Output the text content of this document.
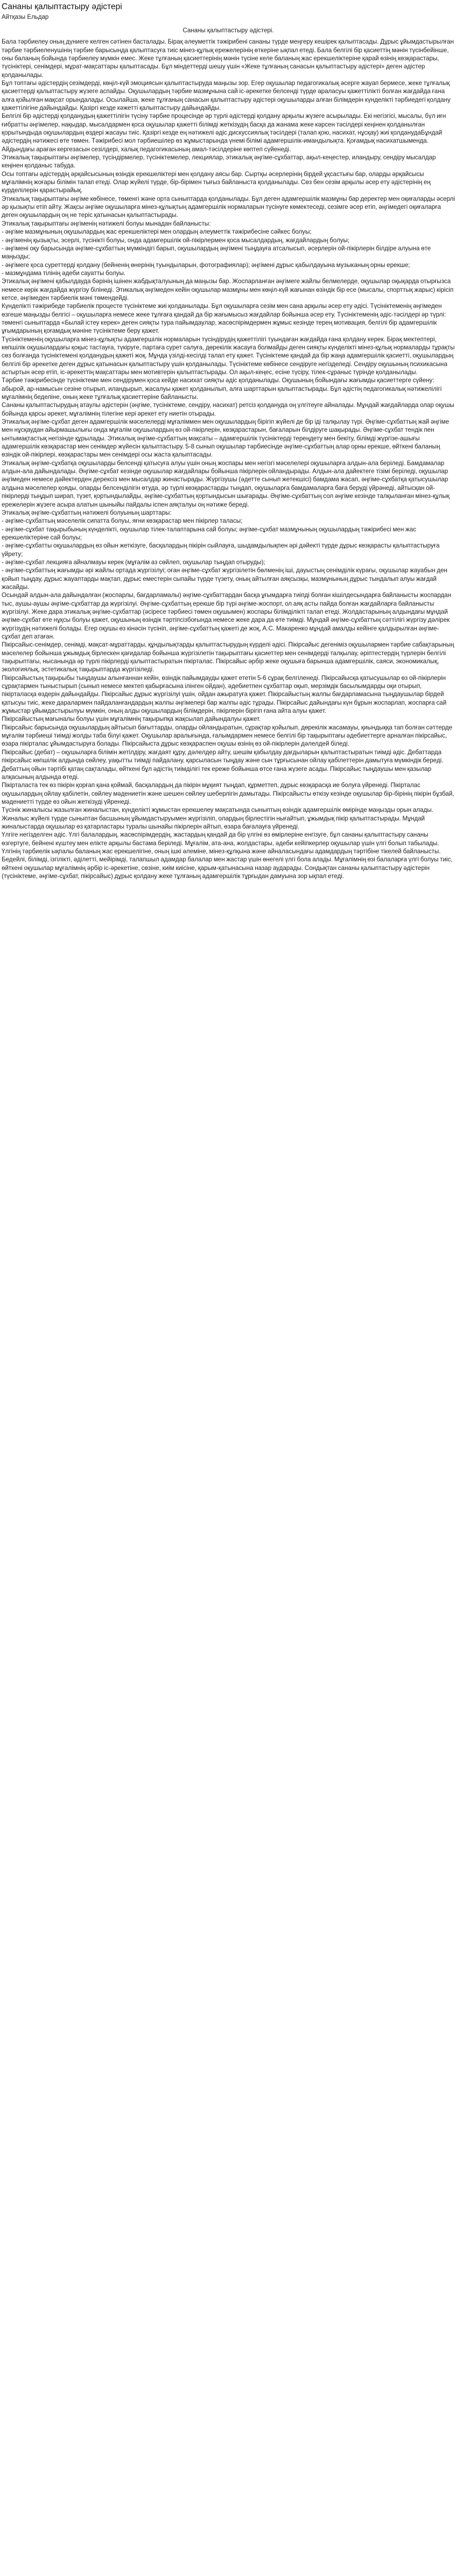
Сананы қалыптастыру әдістері
Айтқазы Ельдар
Сананы қалыптастыру әдістері.

Бала тәрбиелеу оның дүниеге келген сәтінен басталады. Бірақ әлеуметтік тәжірибені сананы түрде меңгеру кешірек қалыптасады. Дұрыс ұйымдастырылған тәрбие тәрбиеленушінің тәрбие барысында қалыптасуға тиіс мінез-құлық ережелерінің өткеріне ықпал етеді. Бала белгілі бір қасиеттің мәнін түсінбейінше, оны баланың бойында тәрбиелеу мүмкін емес. Жеке тұлғаның қасиеттерінің мәнін түсіне келе баланың жас ерекшеліктеріне қарай өзінің көзқарастары, түсініктері, сенімдері, мұрат-мақсаттары қалыптасады. Бұл міндеттерді шешу үшін «Жеке тұлғаның санасын қалыптастыру әдістері» деген әдістер қолданылады.

Бұл топтағы әдістердің сезімдерді, көңіл-күй эмоциясын қалыптастыруда маңызы зор. Егер оқушылар педагогикалық әсерге жауап бермесе, жеке тұлғалық қасиеттерді қалыптастыру жүзеге аспайды. Оқушылардың тәрбие мазмұнына сай іс-әрекетке белсенді түрде араласуы қажеттілікті болған жағдайда ғана алға қойылған мақсат орындалады. Осылайша, жеке тұлғаның санасын қалыптастыру әдістері оқушыларды алған білімдерін күнделікті тәрбиедегі қолдану қажеттілігіне дайындайды. Қазіргі кезде кәжетті қалыптастыру дайындайды.

Белгілі бір әдістерді қолданудың қажеттілігін түсіну тәрбие процесінде әр түрлі әдістерді қолдану арқылы жүзеге асырылады. Екі негізгісі, мысалы, бүл иғн ғибратты әңгімелер, нақыдар, мысалдармен қоса оқушылар қажетті білімді жеткізудің басқа да жанама жеке кәрсен тәсілдері кеңінен қолданылған қорытындыда оқушылардың өздері жасауы тиіс. Қазіргі кезде ең нәтижелі әдіс дискуссиялық тәсілдері (талап қою, насихат, нұсқау) жиі қолданудаБұндай әдістердің нәтижесі өте төмен. Тәжірибесі мол тәрбиешілер өз жұмыстарында үнемі білімі адамгершілік-имандылықта. Қоғамдық насихатшыменда. Айдындағы араған кергезасын сезілдері, халық педагогикасының амал-тәсілдеріне көптеп сүйенеді.

Этикалық тақырыптағы әңгімелер, түсіндірмелер, түсініктемелер, лекциялар, этикалық әңгіме-сұхбаттар, ақыл-кеңестер, иландыру, сендіру мысалдар кеңінен қолданыс табуда.

Осы топтағы әдістердің әрқайсысының өзіндік ерекшеліктері мен қолдану аясы бар. Сыртқы әсерлерінің бірдей ұқсастығы бар, оларды әрқайсысы мұғалімнің жоғары білімін талап етеді. Олар жүйелі түрде, бір-бірімен тығыз байланыста қолданылады. Сөз бен сезім арқылы әсер ету әдістерінің ең күрделілерін қарастырайық.

Этикалық тақырыптағы әңгіме көбінесе, төменгі және орта сыныптарда қолданылады. Бұл деген адамгершілік мазмұны бар деректер мен оқиғаларды әсерлі әр қызықты етіп айту. Жақсы әңгіме оқушыларға мінез-құлықтың адамгершілік нормаларын түсінуге көмектеседі, сезімге әсер етіп, әңгімедегі оқиғаларға деген оқушылардың оң не теріс қатынасын қалыптастырады.

Этикалық тақырыптағы әңгіменің нәтижелі болуы мынадан байланысты:

- әңгіме мазмұнының оқушылардың жас ерекшеліктері мен олардың әлеуметтік тәжірибесіне сәйкес болуы;

- әңгіменің қызықты, эсерлі, түсінікті болуы, онда адамгершілік ой-пікірлермен қоса мысалдардың, жағдайлардың болуы;

- әңгімені оқу барысында әңгіме-сұхбаттың мүмкіндігі барып, оқушылардың әңгімені тыңдауға атсалысып, әсерлерін ой-пікірлерін білдіре алуына өте маңызды;

- әңгімеге қоса суреттерді қолдану (бейненің өнерінің туындыларын, фотографиялар); әңгімені дұрыс қабылдауына музыканың орны ерекше;

- мазмұндама тілінің әдеби сауатты болуы.

Этикалық әңгімені қабылдауда бәрінің ішінен жабдықталуының да маңызы бар. Жоспарланған әңгімеге жайлы белмелерде, оқушылар оқықарда отырғызса немесе көрік жағдайда жүргізу білінеді. Этикалық әңгімеден кейін оқушылар мазмұны мен көңіл-күй жағынан өзіндік бір есе (мысалы, спорттық жарыс) кірісіп кетсе, әңгімеден тәрбиелік мәні төмендейді.

Күнделікті тәжірибеде тәрбиелік процесте түсініктеме жиі қолданылады. Бұл оқушыларға сезім мен сана арқылы әсер ету әдісі. Түсініктеменің әңгімеден өзгеше маңызды белгісі – оқушыларға немесе жеке тұлғаға қандай да бір жағымысыз жағдайлар бойынша әсер ету. Түсініктеменің әдіс-тәсілдері әр түрлі: төменгі сыныптарда «Былай істеу керек» деген сияқты тура пайымдаулар, жасөспірімдермен жұмыс кезінде терең мотивация, белгілі бір адамгершілік ұғымдарының қоғамдық мәніне түсініктеме беру қажет.

Түсініктеменің оқушыларға мінез-құлықты адамгершілік нормаларын түсіндірудің қажеттілігі туындаған жағдайда ғана қолдану керек. Бірақ мектептері, көпшілік оқушылардағы қоқыс тастауға, түкіруге, партаға сурет салуға, дөрекілік жасауға болмайды деген сияқты күнделікті мінез-құлық нормаларды тұрақты сөз болғанда түсініктемені қолданудың қажеті жоқ. Мұнда үзілді-кесілді талап ету қажет. Түсініктеме қандай да бір жаңа адамгершілік қасиетті, оқушылардың белгілі бір әрекетке деген дұрыс қатынасын қалыптастыру үшін қолданылады. Түсініктеме көбінесе сендіруге негізделеді. Сендіру оқушының психикасына астыртын әсер етіп, іс-әрекеттің мақсаттары мен мотивтерін қалыптастырады. Ол ақыл-кеңес, есіне түсіру, тілек-сұраныс түрінде қолданылады.

Тәрбие тәжірибесінде түсініктеме мен сендірумен қоса кейде насихат сияқты әдіс қолданылады. Оқушының бойындағы жағымды қасиеттерге сүйену: абырой, ар-намысын сезіне отырып, иландырып, жасалуы қажет қолданылып, алға шарттарын қалыптастырады. Бұл әдістің педагогикалық нәтижелілігі мұғалімнің беделіне, оның жеке тұлғалық қасиеттеріне байланысты.

Сананы қалыптастырудың атаулы әдістерін (әңгіме, түсініктеме, сендіру, насихат) ретсіз қолдануда оң үлгітеуге айналады. Мұндай жағдайларда олар оқушы бойында қарсы әрекет, мұғалімнің тілегіне кері әрекет ету ниетін отырады.

Этикалық әңгіме-сұхбат деген адамгершілік мәселелерді мұғаліммен мен оқушылардың бірігіп жүйелі де бір іді талқылау түрі. Әңгіме-сұхбаттың жай әңгіме мен нұсқаудан айырмашылығы онда мұғалім оқушылардың өз ой-пікірлерін, көзқарастарын, бағаларын білдіруге шақырады. Әңгіме-сұхбат тендік пен ынтымақтастық негізінде құрылады. Этикалық әңгіме-сұхбаттың мақсаты – адамгершілік түсініктерді тереңдету мен бекіту, білімді жүргізе-ашығы адамгершілік көзқарастар мен сенімдер жүйесін қалыптастыру. 5-8 сынып оқушылар тәрбиесінде әңгіме-сұхбаттың алар орны ерекше, өйткені баланың өзіндік ой-пікірлері, көзқарастары мен сенімдері осы жаста қалыптасады.

Этикалық әңгіме-сұхбатқа оқушыларды белсенді қатысуға алуы үшін оның жоспары мен негізгі мәселелері оқушыларға алдын-ала беріледі. Бамдамалар алдын-ала дайындалады. Әңгіме-сұхбат кезінде оқушылар жағдайлары бойынша пікірлерін ойландырады. Алдын-ала дайектеге тізімі беріледі, оқушылар әңгімеден немесе дәйектерден дерексіз мен мысалдар жинастырады. Жүргізушы (әдетте сынып жетекшісі) бамдама жасап, әңгіме-сұхбатқа қатысушылар алдына мәселелер қояды, оларды белсенділігін өтуда, әр түрлі көзқарастарды тыңдап, оқушыларға бамдамаларға баға беруді үйрәнеді, айтысқан ой-пікірлерді тыңдып ширап, түзет, қортындылайды, әңгіме-сұхбаттың қортындысын шығарады. Әңгіме-сұхбаттың сол әңгіме кезінде талқыланған мінез-құлық ережелерін жүзеге асыра алатын шыныйы пайдалы іспен аяқталуы оң нәтиже береді.

Этикалық әңгіме-сұхбаттың нәтижелі болуының шарттары:

- әңгіме-сұхбаттың мәселелік сипатта болуы, яғни көзқарастар мен пікірлер таласы;

- әңгіме-сұхбат тақырыбының күнделікті, оқушылар тілек-талаптарына сай болуы; әңгіме-сұхбат мазмұнының оқушылардың тәжірибесі мен жас ерекшеліктеріне сай болуы;

- әңгіме-сұхбатты оқушылардың өз ойын жеткізуге, басқалардың пікірін сыйлауға, шыдамдылықпен әрі дәйекті түрде дұрыс көзқарасты қалыптастыруға үйрету;

- әңгіме-сұхбат лекцияға айналмауы керек (мұғалім аз сөйлеп, оқушылар тыңдап отыруды);

- әңгіме-сұхбаттың жағымды әрі жайлы ортада жүргізілуі; оған әңгіме-сұхбат жүргізілетін бөлменің іші, дауыстың сенімділік күрағы, оқушылар жауабын ден қойып тыңдау, дұрыс жауаптарды мақтап, дұрыс еместерін сыпайы түрде түзету, оның айтылған аяқсызқы, мазмұнының дұрыс тындалып алуы жағдай жасайды.

Осындай алдын-ала дайындалған (жоспарлы, бағдарламалы) әңгіме-сұхбаттардан басқа ұғымдарға тиіпді болған кішілдесындарға байланысты жоспардан тыс, аушы-аушы әңгіме-сұхбаттар да жүргізілуі. Әңгіме-сұхбаттың ерекше бір түрі әңгіме-жоспорт, ол аяқ асты пайда болған жағдайларға байланысты жүргізілуі. Жеке дара этикалық әңгіме-сұхбаттар (әсіресе тәрбиесі төмен оқушымен) жоспары білімділікті талап етеді. Жолдастарының алдындағы мұндай әңгіме-сұхбат өте нұқсы болуы қажет, оқушының өзіндік тәртіпсізбоғында немесе жеке дара да өте тиімді. Мұндай әңгіме-сұхбаттың сәттілігі жүргізу дәлірек жүргізудің нәтижелі болады. Егер оқушы өз кінәсін түсініп, әңгіме-сұхбаттың қажеті де жоқ, А.С. Макаренко мұндай амалды кейінге қалдырылған әңгіме-сұхбат деп атаған.

Пікірсайыс-сенімдер, сенімді, мақсат-мұраттарды, құндылықтарды қалыптастырудың күрделі әдісі. Пікірсайыс дегеніміз оқушылармен тәрбие сабақтарының мәселелер бойынша ұжымдық бірлескен қағидалар бойынша жүргізілетін тақырыптағы қасиеттер мен сенімдерді талқылау, әріптестердің түрлерін белгілі тақырыптағы, нысанында әр түрлі пікірлерді қалыптастыратын пікірталас. Пікірсайыс әрбір жеке оқушыға барынша адамгершілік, саяси, экономикалық, экологиялық, эстетикалық тақырыптарда жүргізіледі.

Пікірсайыстың тақырыбы тыңдаушы алынғаннан кейін, өзіндік пайымдауды қажет ететін 5-6 сұрақ белгіленеді. Пікірсайысқа қатысушылар өз ой-пікірлерін сұрақтармен тыныстырып (сынып немесе мектеп қабырғасына ілінген ойдан), әдебиетпен сұхбаттар оқып, мерзімдік басылымдарды оқи отырып, пікірталасқа өздерін дайындайды. Пікірсайыс дұрыс жүргізілуі үшін, ойдан ажыратуға қажет. Пікірсайыстың жалпы бағдарламасына тыңдаушылар бірдей қатысуы тиіс, жеке даралармен пайдаланғандардың жалпы әңгімелері бар жалпы әдіс тұрады. Пікірсайыс дайындағы күн бұрын жоспарлап, жоспарға сай жұмыстар ұйымдастырылуы мүмкін, оның алды оқушылардың білімдерін, пікірлерін бірігіп ғана айта алуы қажет.

Пікірсайыстың мағыналы болуы үшін мұғалімнің тақырыпқа жақсылап дайындалуы қажет.

Пікірсайыс барысында оқушылардың айтысып бағыттарды, оларды ойландыратын, сұрақтар қойылып, дөрекілік жасамауы, қиындыққа тап болған сәттерде мұғалім тәрбиеші тиімді жолды таба білуі қажет. Оқушылар аралығында, ғалымдармен немесе белгілі бір тақырыптағы әдебиеттерге арналған пікірсайыс, өзара пікірталас ұйымдастыруға болады. Пікірсайыста дұрыс көзқараспен оқушы өзінің өз ой-пікірлерін дәлелдей біледі.

Пікірсайыс (дебат) – оқушыларға білімін жетілдіру, жағдаят құру, дәлелдер айту, шешім қабылдау дағдыларын қалыптастыратын тиімді әдіс. Дебаттарда пікірсайыс көпшілік алдында сөйлеу, уақытты тиімді пайдалану, қарсыласын тыңдау және сын тұрғысынан ойлау қабілеттерін дамытуға мүмкіндік береді. Дебаттың ойын тәртібі қатаң сақталады, өйткені бұл әдістің тиімділігі тек ереже бойынша өтсе ғана жүзеге асады. Пікірсайыс тыңдаушы мен қазылар алқасының алдында өтеді.

Пікірталаста тек өз пікірін қорғап қана қоймай, басқалардың да пікірін мұқият тыңдап, құрметтеп, дұрыс көзқарасқа ие болуға үйренеді. Пікірталас оқушылардың ойлау қабілетін, сөйлеу мәдениетін және шешен сөйлеу шеберлігін дамытады. Пікірсайысты өткізу кезінде оқушылар бір-бірінің пікірін бұзбай, мәдениетті түрде өз ойын жеткізуді үйренеді.

Түсінік жиналысы жазылған жиналыстан, күнделікті жұмыстан ерекшелеу мақсатында сыныптың өзіндік адамгершілік өмірінде маңызды орын алады. Жиналыс жүйелі түрде сыныптан басшының ұйымдастыруымен жүргізіліп, олардың бірлестігін нығайтып, ұжымдық пікір қалыптастырады. Мұндай жиналыстарда оқушылар өз қатарластары туралы шынайы пікірлерін айтып, өзара бағалауға үйренеді.

Үлгіге негізделген әдіс. Үлгі балалардың, жасөспірімдердің, жастардың қандай да бір үлгіні өз өмірлеріне енгізуге, бұл сананы қалыптастыру сананы өзгертуге, бейнені күштеу мен елікте арқылы бастама беріледі. Мұғалім, ата-ана, жолдастары, әдеби кейіпкерлер оқушылар үшін үлгі болып табылады. Үлгінің тәрбиелік ықпалы баланың жас ерекшелігіне, оның ішкі әлеміне, мінез-құлқына және айналасындағы адамдардың тәртібіне тікелей байланысты.

Бедейлі, білімді, ізгілікті, әділетті, мейірімді, талапшыл адамдар балалар мен жастар үшін өнегелі үлгі бола алады. Мұғалімнің өзі балаларға үлгі болуы тиіс, өйткені оқушылар мұғалімнің әрбір іс-әрекетіне, сөзіне, киім киісіне, қарым-қатынасына назар аударады. Сондықтан сананы қалыптастыру әдістерін (түсініктеме, әңгіме-сұхбат, пікірсайыс) дұрыс қолдану жеке тұлғаның адамгершілік тұрғыдан дамуына зор ықпал етеді.
